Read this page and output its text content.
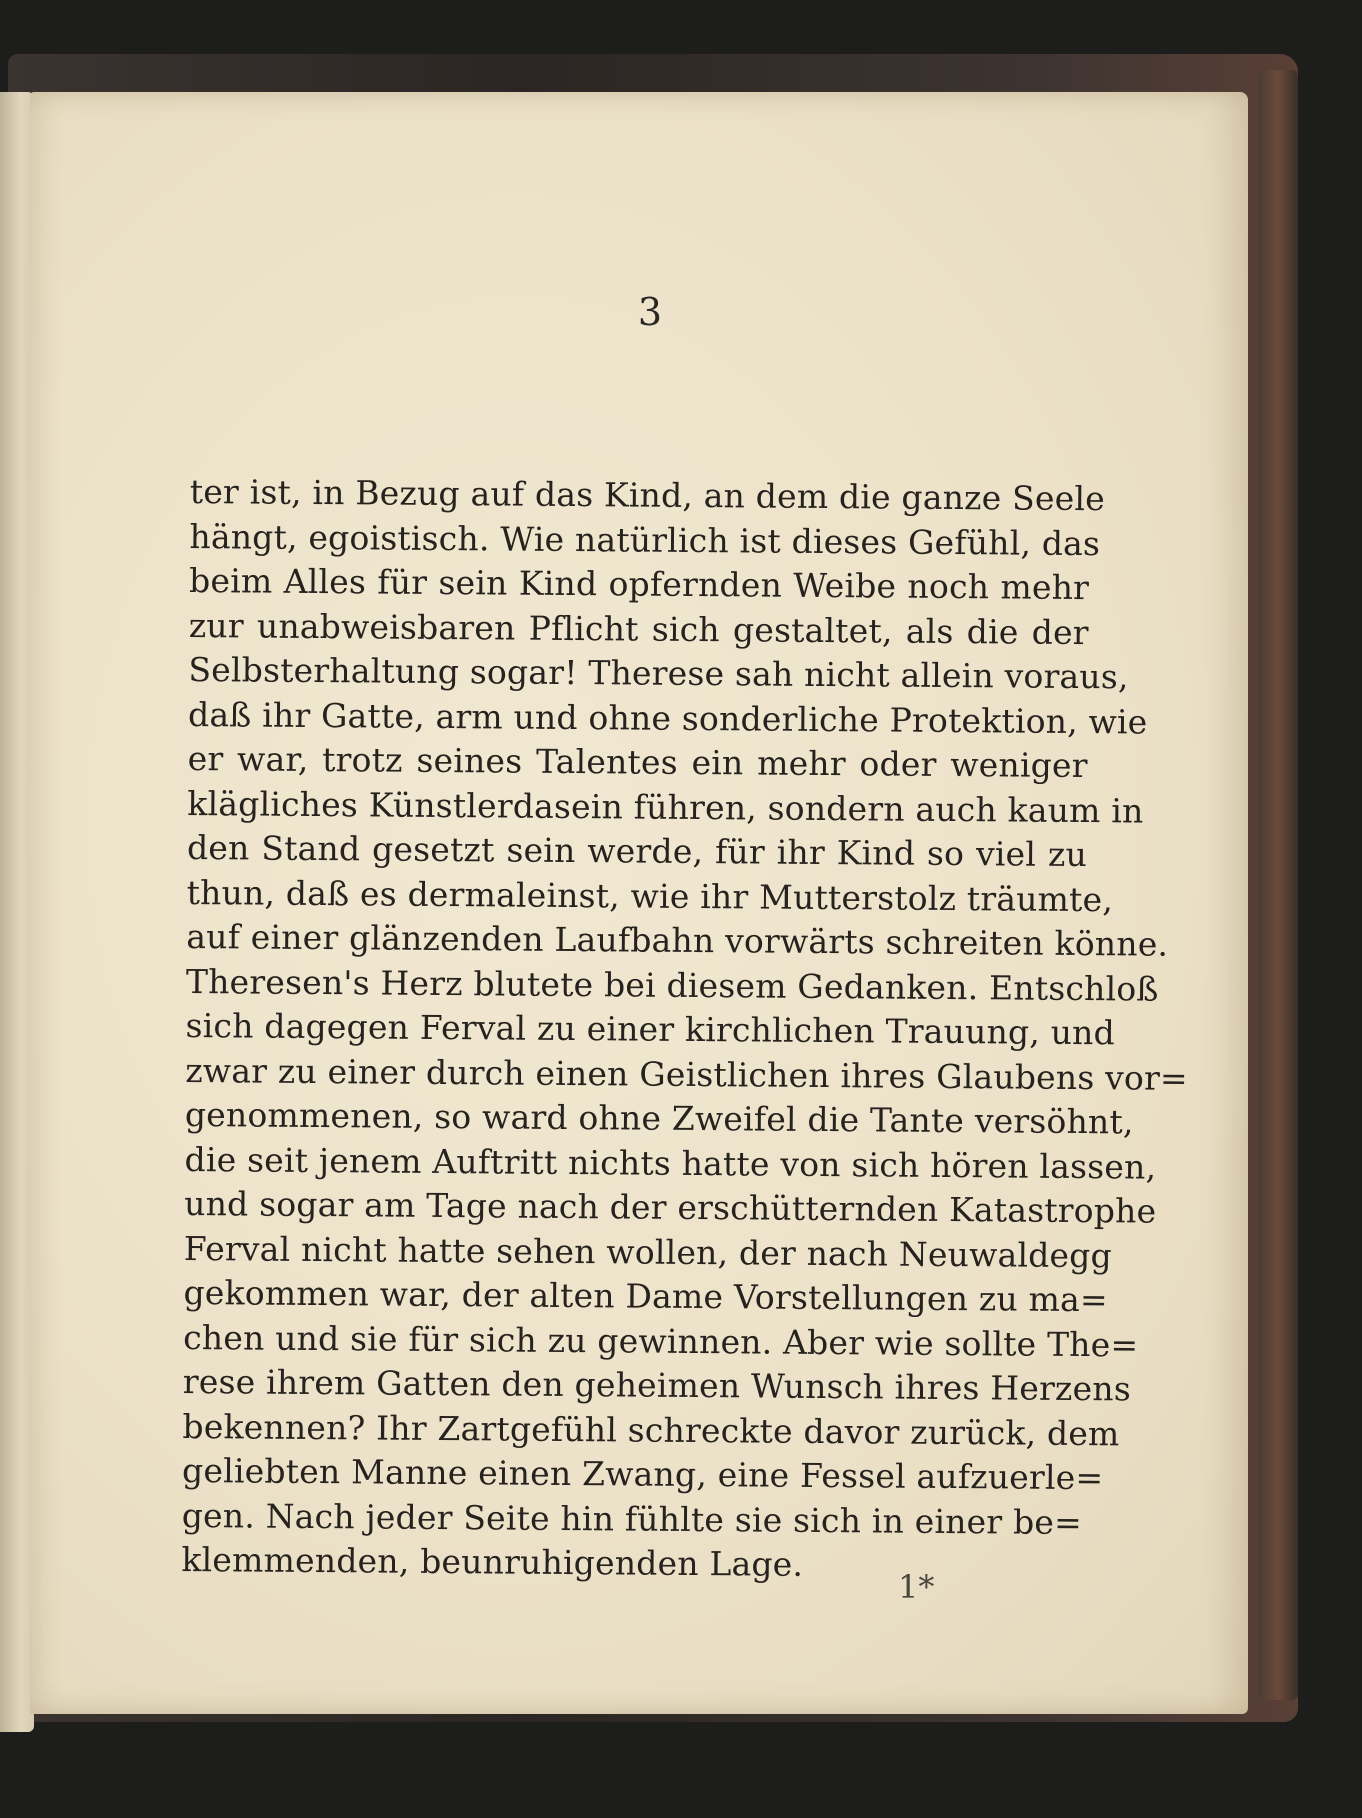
3
ter ist, in Bezug auf das Kind, an dem die ganze Seele
hängt, egoistisch. Wie natürlich ist dieses Gefühl, das
beim Alles für sein Kind opfernden Weibe noch mehr
zur unabweisbaren Pflicht sich gestaltet, als die der
Selbsterhaltung sogar! Therese sah nicht allein voraus,
daß ihr Gatte, arm und ohne sonderliche Protektion, wie
er war, trotz seines Talentes ein mehr oder weniger
klägliches Künstlerdasein führen, sondern auch kaum in
den Stand gesetzt sein werde, für ihr Kind so viel zu
thun, daß es dermaleinst, wie ihr Mutterstolz träumte,
auf einer glänzenden Laufbahn vorwärts schreiten könne.
Theresen's Herz blutete bei diesem Gedanken. Entschloß
sich dagegen Ferval zu einer kirchlichen Trauung, und
zwar zu einer durch einen Geistlichen ihres Glaubens vor=
genommenen, so ward ohne Zweifel die Tante versöhnt,
die seit jenem Auftritt nichts hatte von sich hören lassen,
und sogar am Tage nach der erschütternden Katastrophe
Ferval nicht hatte sehen wollen, der nach Neuwaldegg
gekommen war, der alten Dame Vorstellungen zu ma=
chen und sie für sich zu gewinnen. Aber wie sollte The=
rese ihrem Gatten den geheimen Wunsch ihres Herzens
bekennen? Ihr Zartgefühl schreckte davor zurück, dem
geliebten Manne einen Zwang, eine Fessel aufzuerle=
gen. Nach jeder Seite hin fühlte sie sich in einer be=
klemmenden, beunruhigenden Lage.
1*
